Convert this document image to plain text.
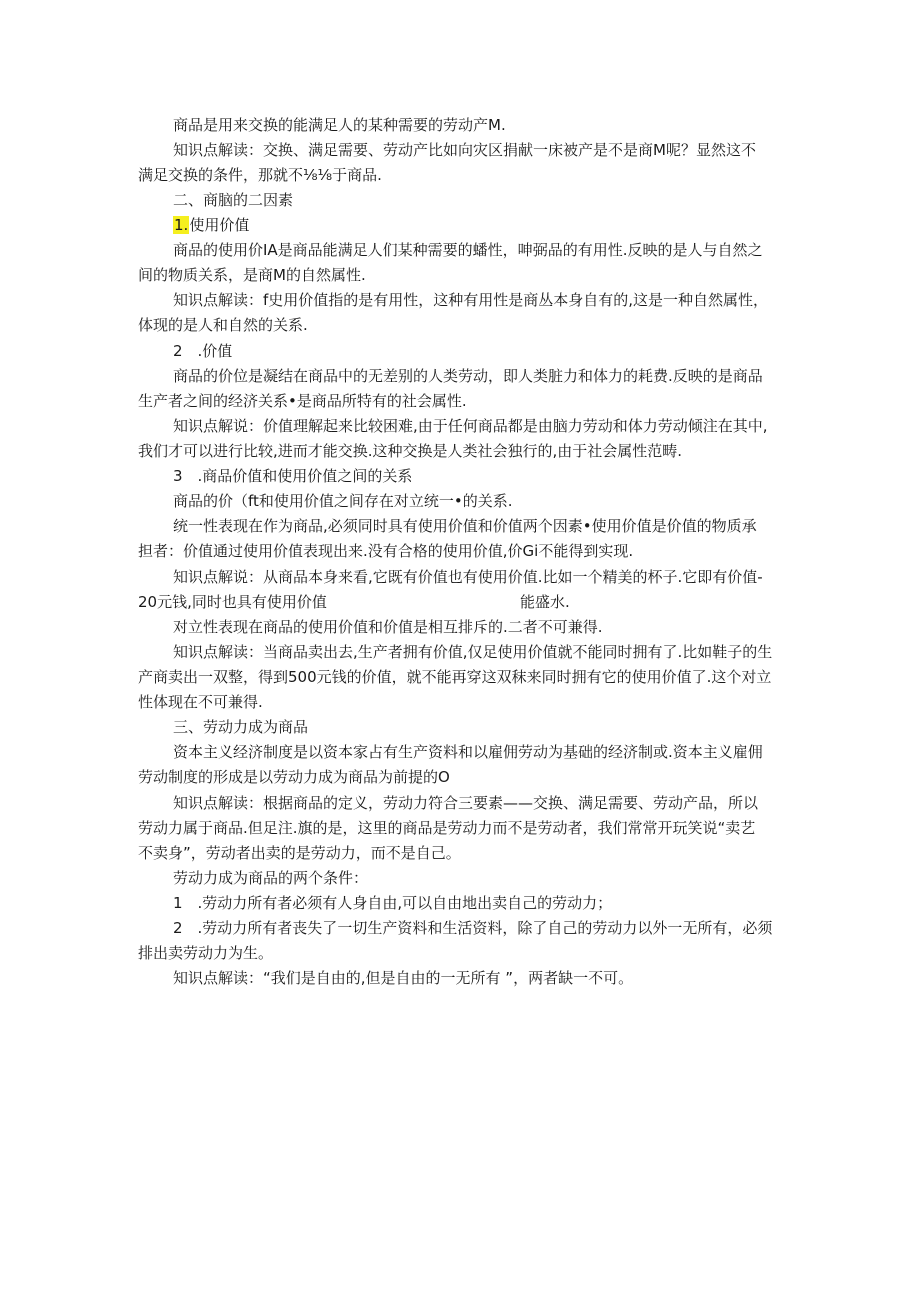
商品是用来交换的能满足人的某种需要的劳动产M.
知识点解读：交换、满足需要、劳动产比如向灾区捐献一床被产是不是商M呢？显然这不
满足交换的条件，那就不⅛⅛于商品.
二、商脑的二因素
1.使用价值
商品的使用价IA是商品能满足人们某种需要的蟠性，呻弼品的有用性.反映的是人与自然之
间的物质关系，是商M的自然属性.
知识点解读：f史用价值指的是有用性，这种有用性是商丛本身自有的,这是一种自然属性，
体现的是人和自然的关系.
2　.价值
商品的价位是凝结在商品中的无差别的人类劳动，即人类脏力和体力的耗费.反映的是商品
生产者之间的经济关系•是商品所特有的社会属性.
知识点解说：价值理解起来比较困难,由于任何商品都是由脑力劳动和体力劳动倾注在其中,
我们才可以进行比较,进而才能交换.这种交换是人类社会独行的,由于社会属性范畴.
3　.商品价值和使用价值之间的关系
商品的价（ft和使用价值之间存在对立统一•的关系.
统一性表现在作为商品,必须同时具有使用价值和价值两个因素•使用价值是价值的物质承
担者：价值通过使用价值表现出来.没有合格的使用价值,价Gi不能得到实现.
知识点解说：从商品本身来看,它既有价值也有使用价值.比如一个精美的杯子.它即有价值-
20元钱,同时也具有使用价值	能盛水.
对立性表现在商品的使用价值和价值是相互排斥的.二者不可兼得.
知识点解读：当商品卖出去,生产者拥有价值,仅足使用价值就不能同时拥有了.比如鞋子的生
产商卖出一双整，得到500元钱的价值，就不能再穿这双秣来同时拥有它的使用价值了.这个对立
性体现在不可兼得.
三、劳动力成为商品
资本主义经济制度是以资本家占有生产资料和以雇佣劳动为基础的经济制或.资本主义雇佣
劳动制度的形成是以劳动力成为商品为前提的O
知识点解读：根据商品的定义，劳动力符合三要素——交换、满足需要、劳动产品，所以
劳动力属于商品.但足注.旗的是，这里的商品是劳动力而不是劳动者，我们常常开玩笑说“卖艺
不卖身”，劳动者出卖的是劳动力，而不是自己。
劳动力成为商品的两个条件：
1　.劳动力所有者必须有人身自由,可以自由地出卖自己的劳动力；
2　.劳动力所有者丧失了一切生产资料和生活资料，除了自己的劳动力以外一无所有，必须
排出卖劳动力为生。
知识点解读：“我们是自由的,但是自由的一无所有 ”，两者缺一不可。
